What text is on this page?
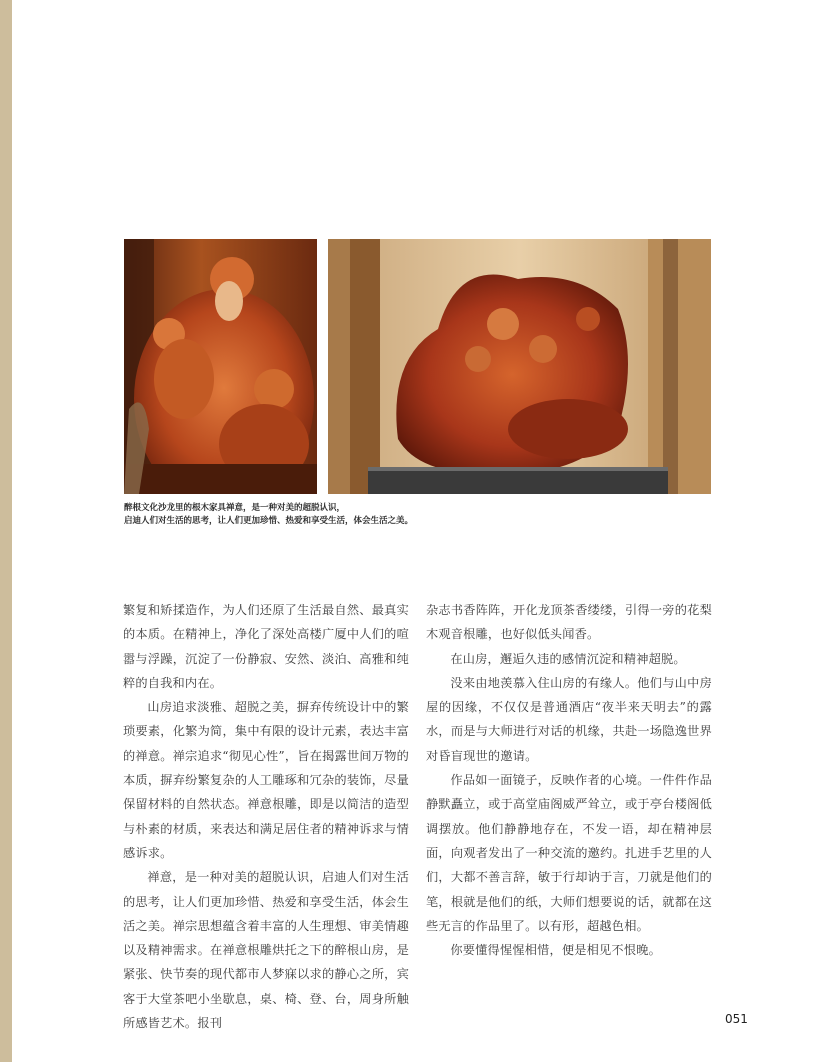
醉根文化沙龙里的根木家具禅意，是一种对美的超脱认识，
启迪人们对生活的思考，让人们更加珍惜、热爱和享受生活，体会生活之美。

繁复和矫揉造作，为人们还原了生活最自然、最真实的本质。在精神上，净化了深处高楼广厦中人们的喧嚣与浮躁，沉淀了一份静寂、安然、淡泊、高雅和纯粹的自我和内在。

山房追求淡雅、超脱之美，摒弃传统设计中的繁琐要素，化繁为简，集中有限的设计元素，表达丰富的禅意。禅宗追求“彻见心性”，旨在揭露世间万物的本质，摒弃纷繁复杂的人工雕琢和冗杂的装饰，尽量保留材料的自然状态。禅意根雕，即是以简洁的造型与朴素的材质，来表达和满足居住者的精神诉求与情感诉求。

禅意，是一种对美的超脱认识，启迪人们对生活的思考，让人们更加珍惜、热爱和享受生活，体会生活之美。禅宗思想蕴含着丰富的人生理想、审美情趣以及精神需求。在禅意根雕烘托之下的醉根山房，是紧张、快节奏的现代都市人梦寐以求的静心之所，宾客于大堂茶吧小坐歇息，桌、椅、登、台，周身所触所感皆艺术。报刊

杂志书香阵阵，开化龙顶茶香缕缕，引得一旁的花梨木观音根雕，也好似低头闻香。

在山房，邂逅久违的感情沉淀和精神超脱。

没来由地羡慕入住山房的有缘人。他们与山中房屋的因缘，不仅仅是普通酒店“夜半来天明去”的露水，而是与大师进行对话的机缘，共赴一场隐逸世界对昏盲现世的邀请。

作品如一面镜子，反映作者的心境。一件件作品静默矗立，或于高堂庙阁威严耸立，或于亭台楼阁低调摆放。他们静静地存在，不发一语，却在精神层面，向观者发出了一种交流的邀约。扎进手艺里的人们，大都不善言辞，敏于行却讷于言，刀就是他们的笔，根就是他们的纸，大师们想要说的话，就都在这些无言的作品里了。以有形，超越色相。

你要懂得惺惺相惜，便是相见不恨晚。

051
